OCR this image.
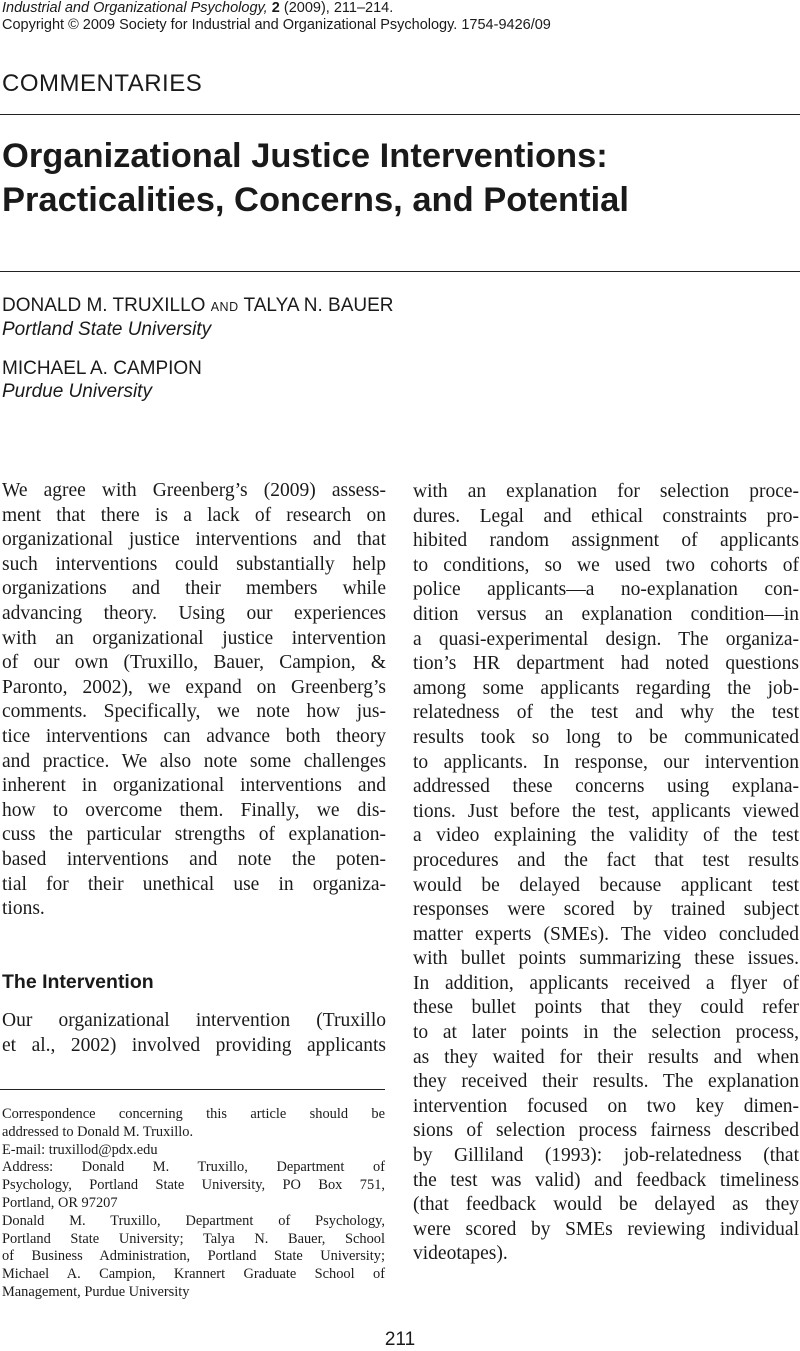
Industrial and Organizational Psychology, 2 (2009), 211–214.
Copyright © 2009 Society for Industrial and Organizational Psychology. 1754-9426/09
COMMENTARIES
Organizational Justice Interventions:
Practicalities, Concerns, and Potential
DONALD M. TRUXILLO AND TALYA N. BAUER
Portland State University
MICHAEL A. CAMPION
Purdue University
We agree with Greenberg’s (2009) assess-
ment that there is a lack of research on
organizational justice interventions and that
such interventions could substantially help
organizations and their members while
advancing theory. Using our experiences
with an organizational justice intervention
of our own (Truxillo, Bauer, Campion, &
Paronto, 2002), we expand on Greenberg’s
comments. Specifically, we note how jus-
tice interventions can advance both theory
and practice. We also note some challenges
inherent in organizational interventions and
how to overcome them. Finally, we dis-
cuss the particular strengths of explanation-
based interventions and note the poten-
tial for their unethical use in organiza-
tions.
The Intervention
Our organizational intervention (Truxillo
et al., 2002) involved providing applicants
Correspondence concerning this article should be
addressed to Donald M. Truxillo.
E-mail: truxillod@pdx.edu
Address: Donald M. Truxillo, Department of
Psychology, Portland State University, PO Box 751,
Portland, OR 97207
Donald M. Truxillo, Department of Psychology,
Portland State University; Talya N. Bauer, School
of Business Administration, Portland State University;
Michael A. Campion, Krannert Graduate School of
Management, Purdue University
with an explanation for selection proce-
dures. Legal and ethical constraints pro-
hibited random assignment of applicants
to conditions, so we used two cohorts of
police applicants—a no-explanation con-
dition versus an explanation condition—in
a quasi-experimental design. The organiza-
tion’s HR department had noted questions
among some applicants regarding the job-
relatedness of the test and why the test
results took so long to be communicated
to applicants. In response, our intervention
addressed these concerns using explana-
tions. Just before the test, applicants viewed
a video explaining the validity of the test
procedures and the fact that test results
would be delayed because applicant test
responses were scored by trained subject
matter experts (SMEs). The video concluded
with bullet points summarizing these issues.
In addition, applicants received a flyer of
these bullet points that they could refer
to at later points in the selection process,
as they waited for their results and when
they received their results. The explanation
intervention focused on two key dimen-
sions of selection process fairness described
by Gilliland (1993): job-relatedness (that
the test was valid) and feedback timeliness
(that feedback would be delayed as they
were scored by SMEs reviewing individual
videotapes).
211
